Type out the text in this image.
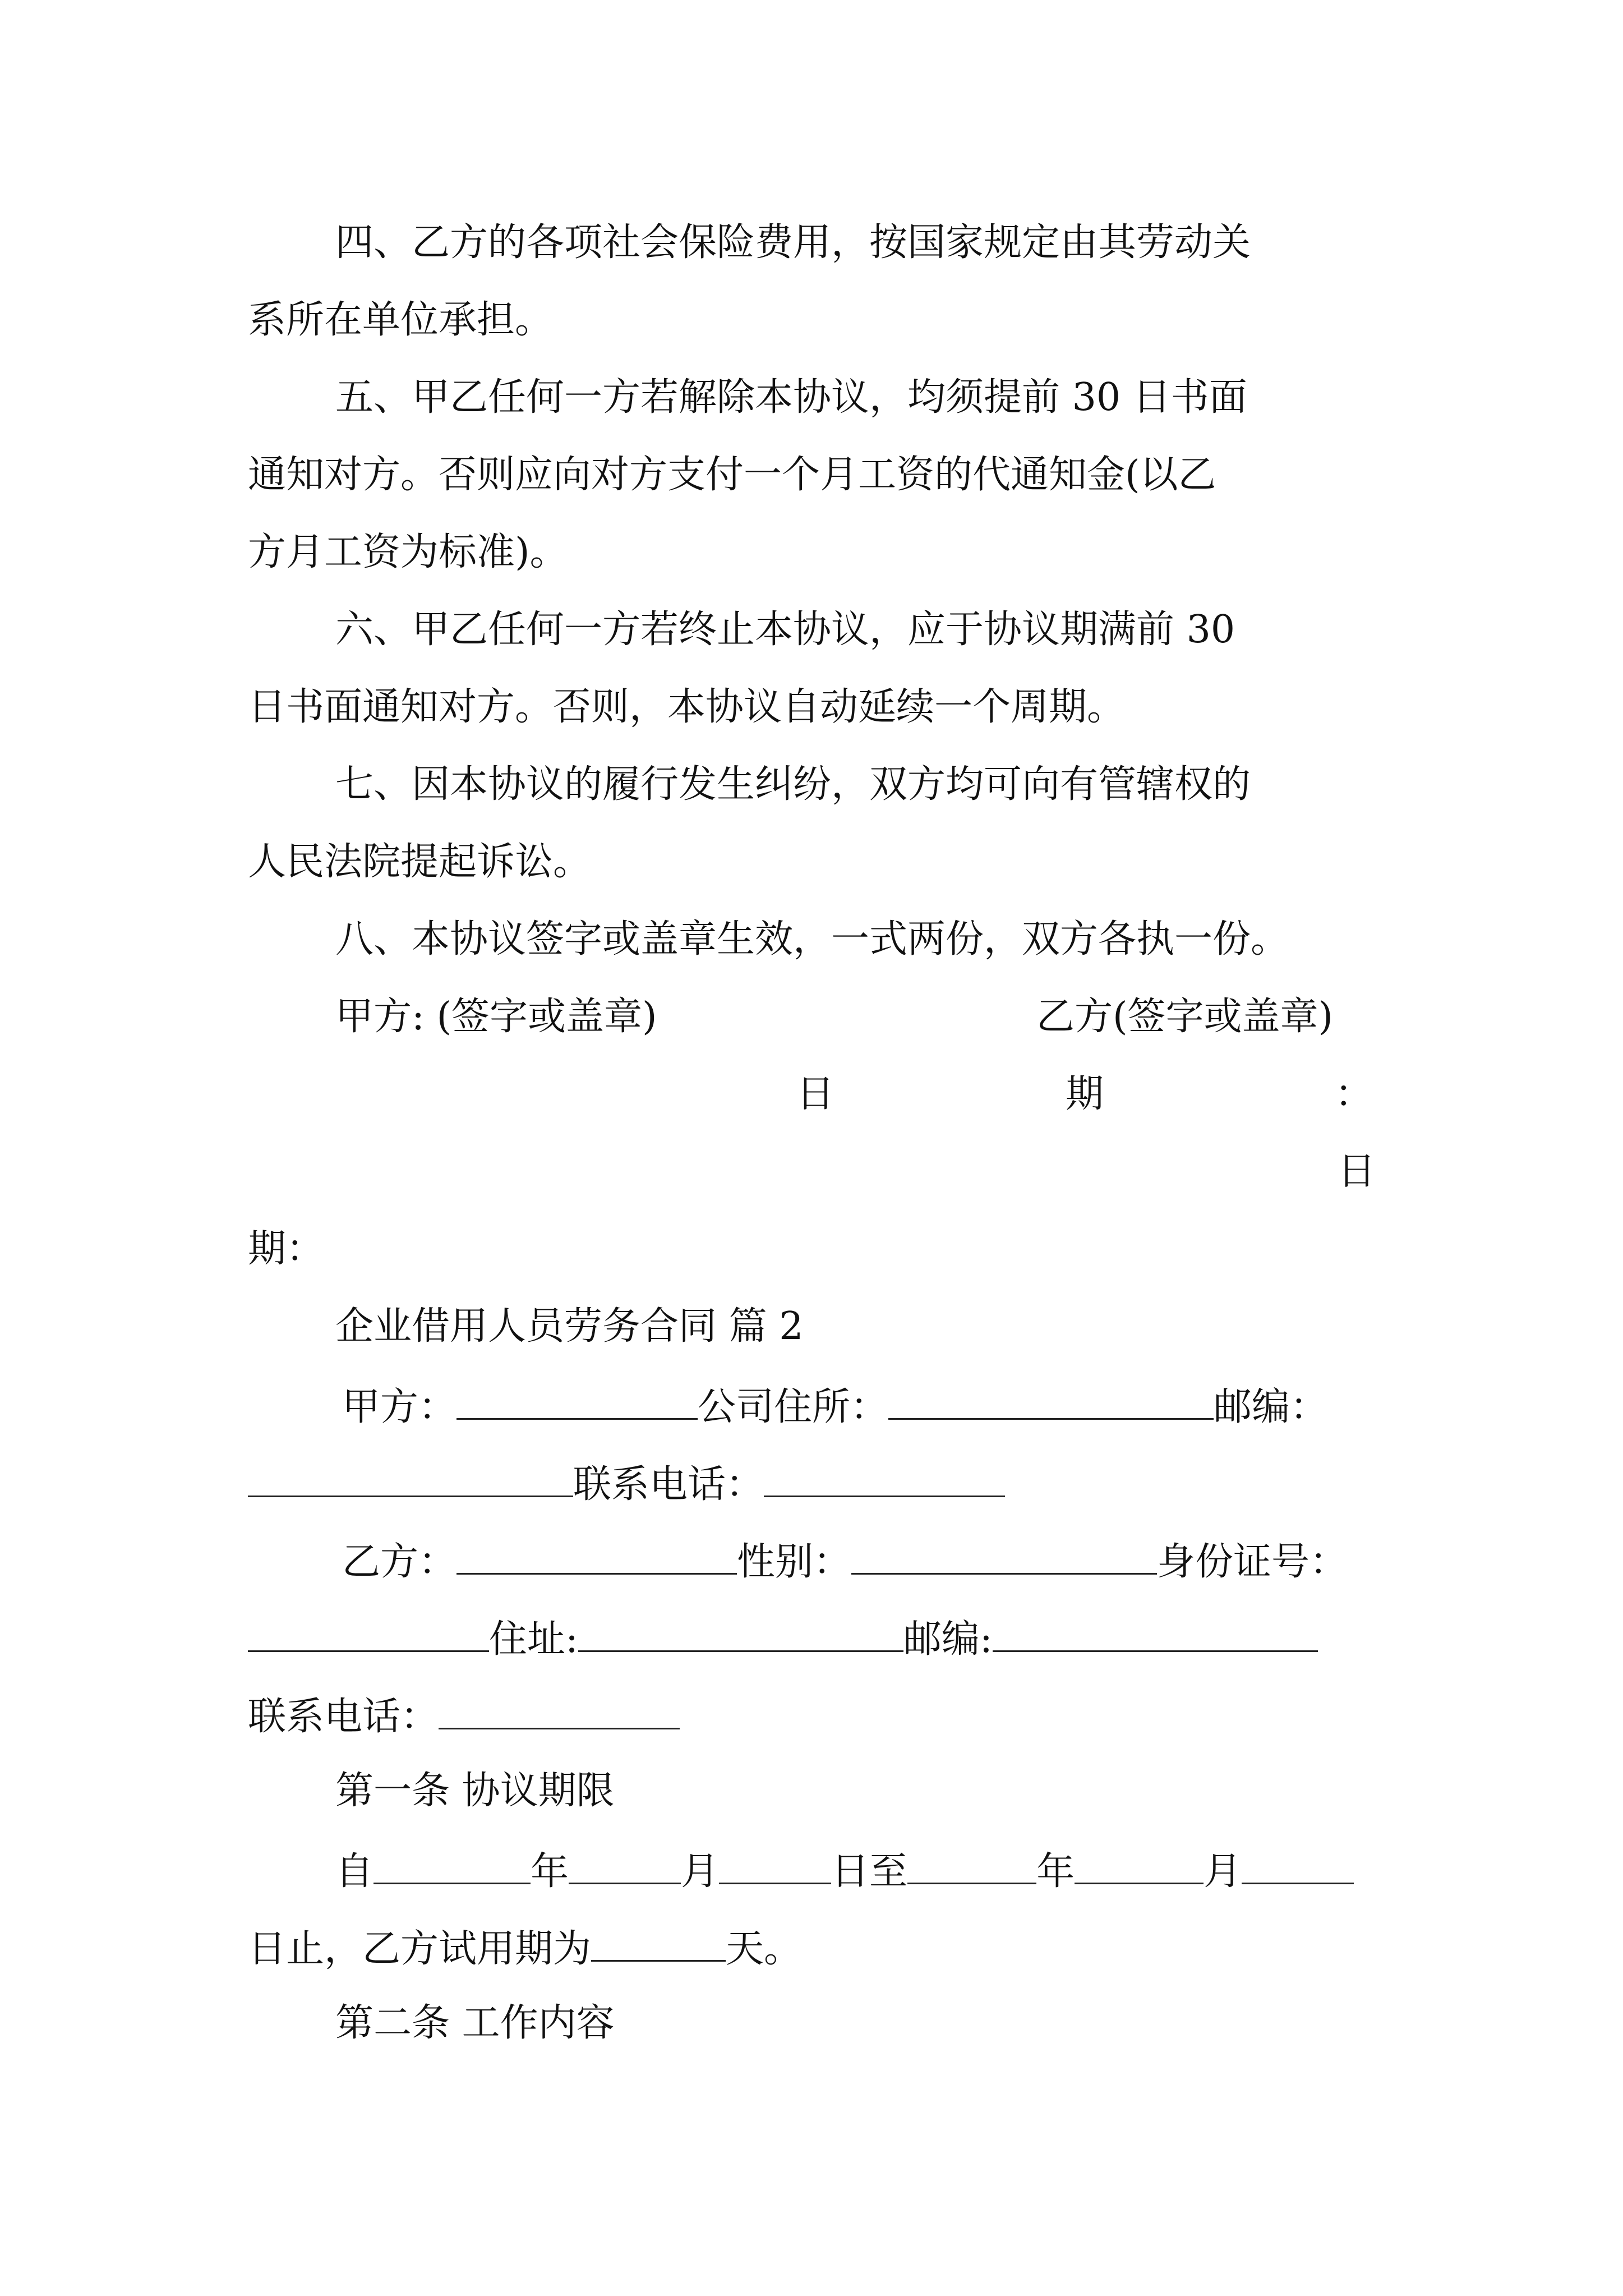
四、乙方的各项社会保险费用，按国家规定由其劳动关
系所在单位承担。
五、甲乙任何一方若解除本协议，均须提前 30 日书面
通知对方。否则应向对方支付一个月工资的代通知金(以乙
方月工资为标准)。
六、甲乙任何一方若终止本协议，应于协议期满前 30
日书面通知对方。否则，本协议自动延续一个周期。
七、因本协议的履行发生纠纷，双方均可向有管辖权的
人民法院提起诉讼。
八、本协议签字或盖章生效，一式两份，双方各执一份。
甲方: (签字或盖章)	乙方(签字或盖章)
日	期	：
日
期：
企业借用人员劳务合同 篇 2
甲方：	公司住所：	邮编：
联系电话：
乙方：	性别：	身份证号：
住址:	邮编:
联系电话：
第一条 协议期限
自	年	月	日至	年	月
日止，乙方试用期为	天。
第二条 工作内容
